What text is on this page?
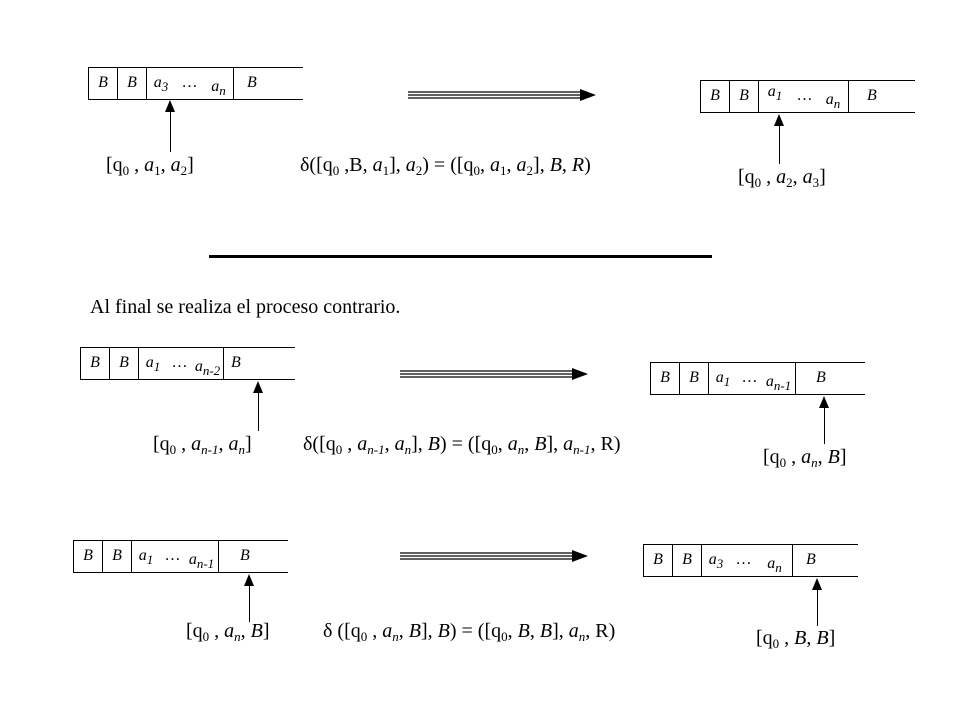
B	B	$a_3$ … $a_n$	B
B	B	$a_1$ … $a_n$	B
[$q_0$ , $a_1$, $a_2$]	$\delta([q_0$ ,B, $a_1$], $a_2) = ([q_0$, $a_1$, $a_2$], B, R)
[$q_0$ , $a_2$, $a_3$]
Al final se realiza el proceso contrario.
B	B	$a_1$ … $a_{n-2}$ B
B	B	$a_1$ … $a_{n-1}$ B
[$q_0$ , $a_{n-1}$, $a_n$]	$\delta([q_0$ , $a_{n-1}$, $a_n$], $B) = ([q_0$, $a_n$, B], $a_{n-1}$, R)
[$q_0$ , $a_n$, B]
B	B	$a_1$ … $a_{n-1}$ B	B	B	$a_3$ … $a_n$	B
[$q_0$ , $a_n$, B]	δ ([$q_0$ , $a_n$, B], $B) = ([q_0$, B, B], $a_n$, R)	[$q_0$ , B, B]
